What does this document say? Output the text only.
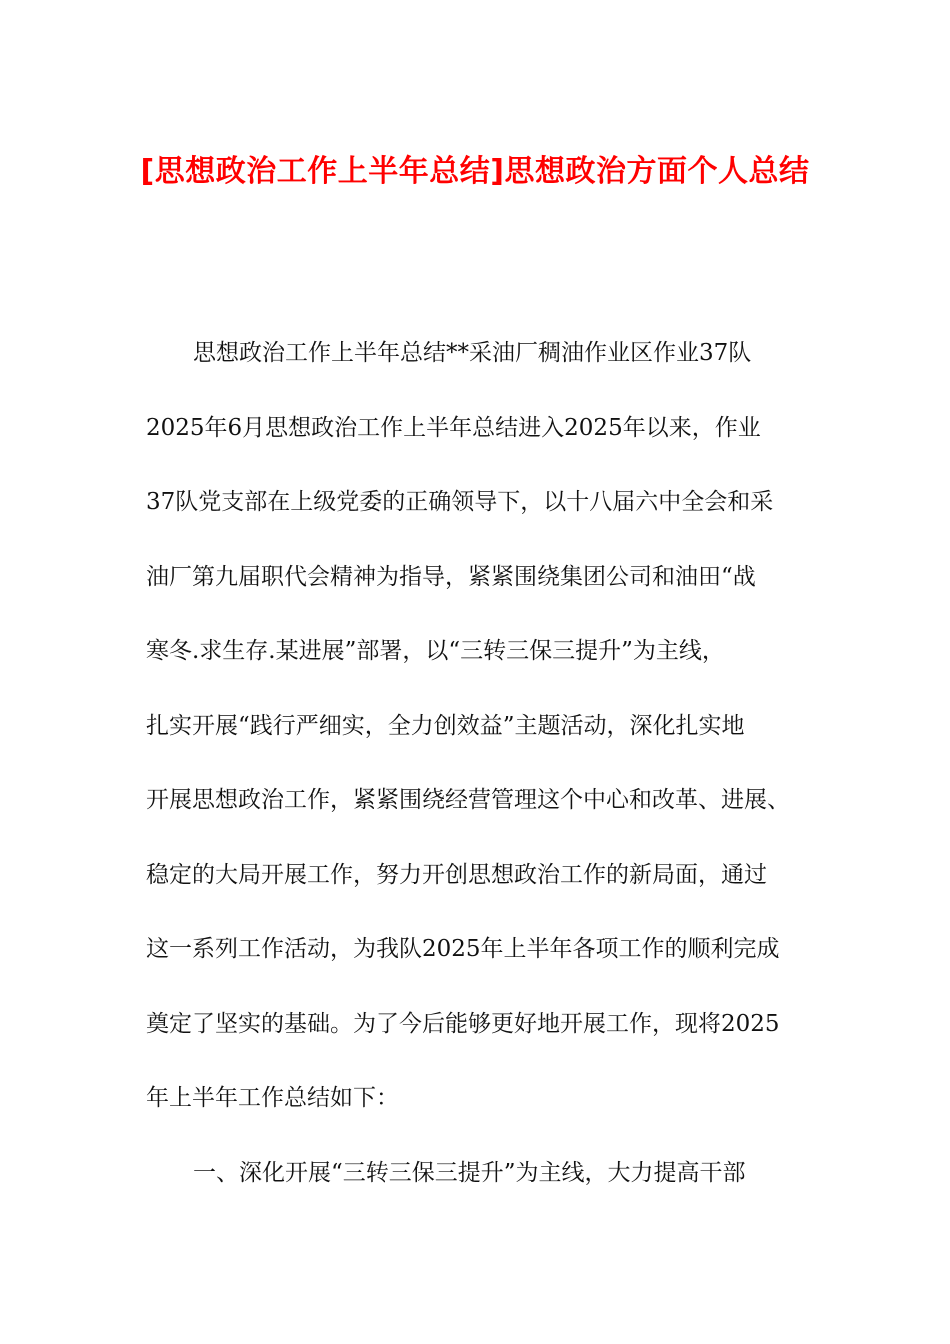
[思想政治工作上半年总结]思想政治方面个人总结
思想政治工作上半年总结**采油厂稠油作业区作业37队
2025年6月思想政治工作上半年总结进入2025年以来，作业
37队党支部在上级党委的正确领导下，以十八届六中全会和采
油厂第九届职代会精神为指导，紧紧围绕集团公司和油田“战
寒冬.求生存.某进展”部署，以“三转三保三提升”为主线，
扎实开展“践行严细实，全力创效益”主题活动，深化扎实地
开展思想政治工作，紧紧围绕经营管理这个中心和改革、进展、
稳定的大局开展工作，努力开创思想政治工作的新局面，通过
这一系列工作活动，为我队2025年上半年各项工作的顺利完成
奠定了坚实的基础。为了今后能够更好地开展工作，现将2025
年上半年工作总结如下：
一、深化开展“三转三保三提升”为主线，大力提高干部
